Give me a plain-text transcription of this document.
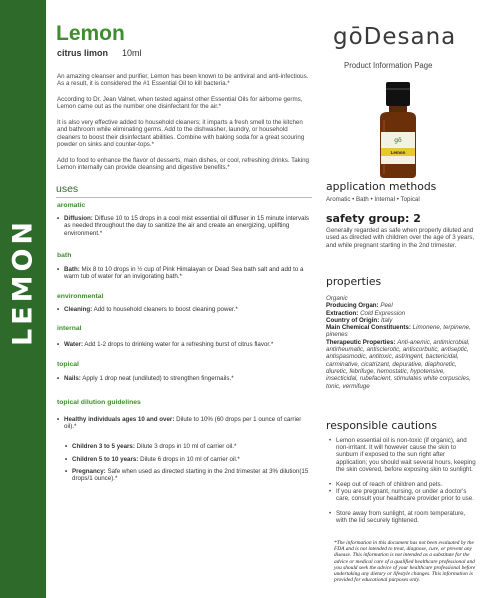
LEMON
Lemon
citrus limon 10ml

An amazing cleanser and purifier, Lemon has been known to be antiviral and anti-infectious. As a result, it is considered the #1 Essential Oil to kill bacteria.*

According to Dr. Jean Valnet, when tested against other Essential Oils for airborne germs, Lemon came out as the number one disinfectant for the air.*

It is also very effective added to household cleaners; it imparts a fresh smell to the kitchen and bathroom while eliminating germs. Add to the dishwasher, laundry, or household cleaners to boost their disinfectant abilities. Combine with baking soda for a great scouring powder on sinks and counter-tops.*

Add to food to enhance the flavor of desserts, main dishes, or cool, refreshing drinks. Taking Lemon internally can provide cleansing and digestive benefits.*

uses
aromatic
• Diffusion: Diffuse 10 to 15 drops in a cool mist essential oil diffuser in 15 minute intervals as needed throughout the day to sanitize the air and create an energizing, uplifting environment.*
bath
• Bath: Mix 8 to 10 drops in ½ cup of Pink Himalayan or Dead Sea bath salt and add to a warm tub of water for an invigorating bath.*
environmental
• Cleaning: Add to household cleaners to boost cleaning power.*
internal
• Water: Add 1-2 drops to drinking water for a refreshing burst of citrus flavor.*
topical
• Nails: Apply 1 drop neat (undiluted) to strengthen fingernails.*
topical dilution guidelines
• Healthy individuals ages 10 and over: Dilute to 10% (60 drops per 1 ounce of carrier oil).*
• Children 3 to 5 years: Dilute 3 drops in 10 ml of carrier oil.*
• Children 5 to 10 years: Dilute 6 drops in 10 ml of carrier oil.*
• Pregnancy: Safe when used as directed starting in the 2nd trimester at 3% dilution(15 drops/1 ounce).*
gōDesana
Product Information Page
gō
Lemon
application methods
Aromatic • Bath • Internal • Topical
safety group: 2
Generally regarded as safe when properly diluted and used as directed with children over the age of 3 years, and while pregnant starting in the 2nd trimester.
properties
Organic
Producing Organ: Peel
Extraction: Cold Expression
Country of Origin: Italy
Main Chemical Constituents: Limonene, terpinene, pinenes
Therapeutic Properties: Anti-anemic, antimicrobial, antirheumatic, antisclerotic, antiscorbutic, antiseptic, antispasmodic, antitoxic, astringent, bactericidal, carminative, cicatrizant, depurative, diaphoretic, diuretic, febrifuge, hemostatic, hypotensive, insecticidal, rubefacient, stimulates white corpuscles, tonic, vermifuge
responsible cautions
• Lemon essential oil is non-toxic (if organic), and non-irritant. It will however cause the skin to sunburn if exposed to the sun right after application; you should wait several hours, keeping the skin covered, before exposing skin to sunlight.
• Keep out of reach of children and pets.
• If you are pregnant, nursing, or under a doctor's care, consult your healthcare provider prior to use.
• Store away from sunlight, at room temperature, with the lid securely tightened.
*The information in this document has not been evaluated by the FDA and is not intended to treat, diagnose, cure, or prevent any disease. This information is not intended as a substitute for the advice or medical care of a qualified healthcare professional and you should seek the advice of your healthcare professional before undertaking any dietary or lifestyle changes. This information is provided for educational purposes only.
